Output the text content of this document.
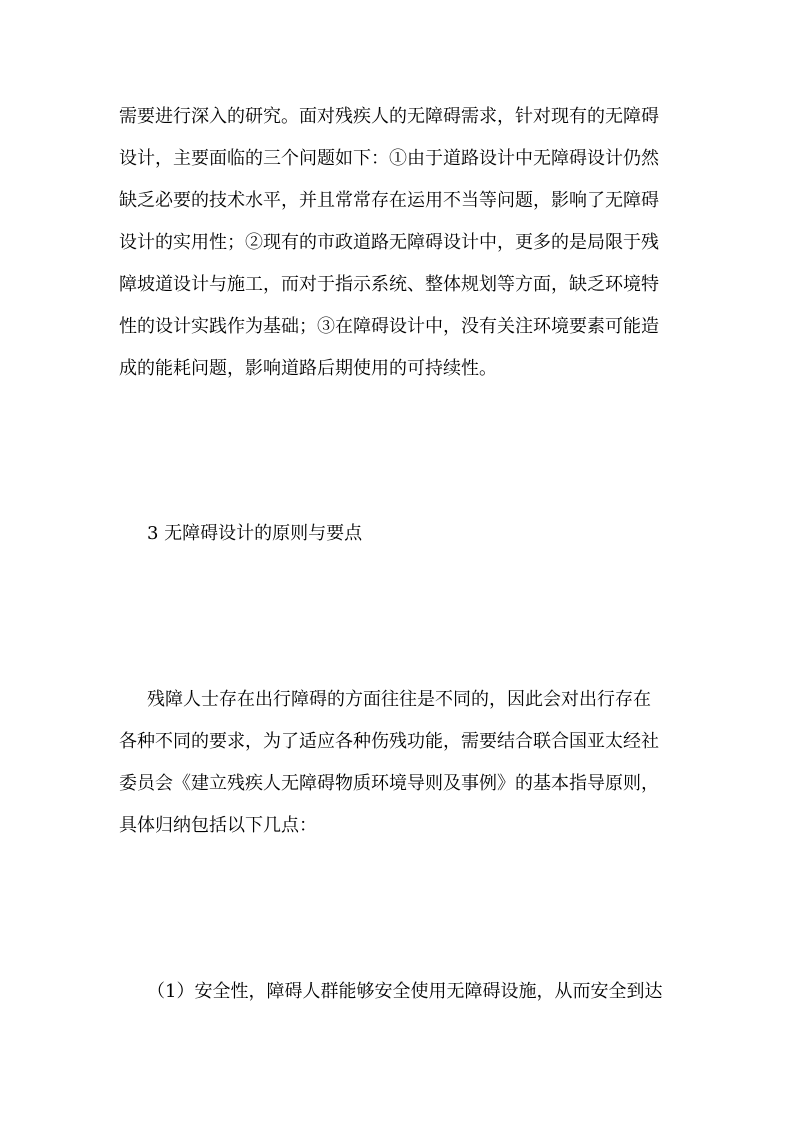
需要进行深入的研究。面对残疾人的无障碍需求，针对现有的无障碍
设计，主要面临的三个问题如下：①由于道路设计中无障碍设计仍然
缺乏必要的技术水平，并且常常存在运用不当等问题，影响了无障碍
设计的实用性；②现有的市政道路无障碍设计中，更多的是局限于残
障坡道设计与施工，而对于指示系统、整体规划等方面，缺乏环境特
性的设计实践作为基础；③在障碍设计中，没有关注环境要素可能造
成的能耗问题，影响道路后期使用的可持续性。
3 无障碍设计的原则与要点
残障人士存在出行障碍的方面往往是不同的，因此会对出行存在
各种不同的要求，为了适应各种伤残功能，需要结合联合国亚太经社
委员会《建立残疾人无障碍物质环境导则及事例》的基本指导原则，
具体归纳包括以下几点：
（1）安全性，障碍人群能够安全使用无障碍设施，从而安全到达
